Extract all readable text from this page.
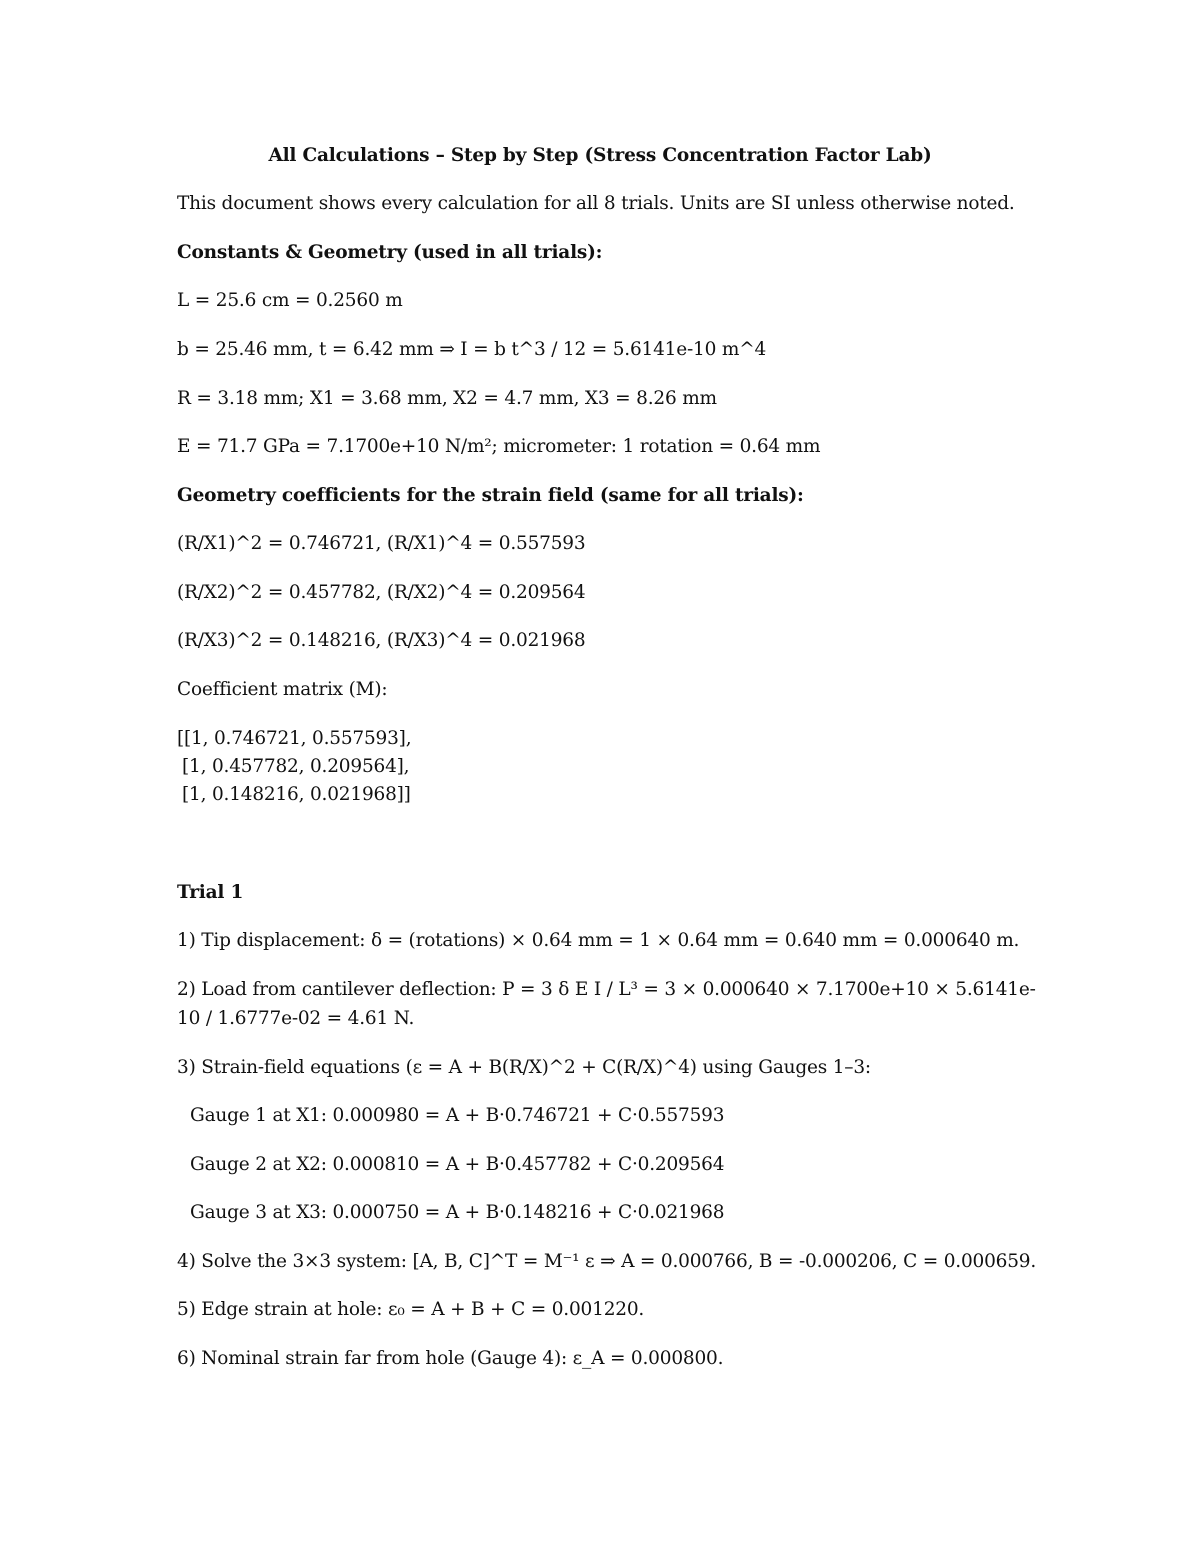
All Calculations – Step by Step (Stress Concentration Factor Lab)
This document shows every calculation for all 8 trials. Units are SI unless otherwise noted.
Constants & Geometry (used in all trials):
L = 25.6 cm = 0.2560 m
b = 25.46 mm, t = 6.42 mm ⇒ I = b t^3 / 12 = 5.6141e-10 m^4
R = 3.18 mm; X1 = 3.68 mm, X2 = 4.7 mm, X3 = 8.26 mm
E = 71.7 GPa = 7.1700e+10 N/m²; micrometer: 1 rotation = 0.64 mm
Geometry coefficients for the strain field (same for all trials):
(R/X1)^2 = 0.746721, (R/X1)^4 = 0.557593
(R/X2)^2 = 0.457782, (R/X2)^4 = 0.209564
(R/X3)^2 = 0.148216, (R/X3)^4 = 0.021968
Coefficient matrix (M):
[[1, 0.746721, 0.557593],
[1, 0.457782, 0.209564],
[1, 0.148216, 0.021968]]
Trial 1
1) Tip displacement: δ = (rotations) × 0.64 mm = 1 × 0.64 mm = 0.640 mm = 0.000640 m.
2) Load from cantilever deflection: P = 3 δ E I / L³ = 3 × 0.000640 × 7.1700e+10 × 5.6141e-
10 / 1.6777e-02 = 4.61 N.
3) Strain-field equations (ε = A + B(R/X)^2 + C(R/X)^4) using Gauges 1–3:
Gauge 1 at X1: 0.000980 = A + B·0.746721 + C·0.557593
Gauge 2 at X2: 0.000810 = A + B·0.457782 + C·0.209564
Gauge 3 at X3: 0.000750 = A + B·0.148216 + C·0.021968
4) Solve the 3×3 system: [A, B, C]^T = M⁻¹ ε ⇒ A = 0.000766, B = -0.000206, C = 0.000659.
5) Edge strain at hole: ε₀ = A + B + C = 0.001220.
6) Nominal strain far from hole (Gauge 4): ε_A = 0.000800.
